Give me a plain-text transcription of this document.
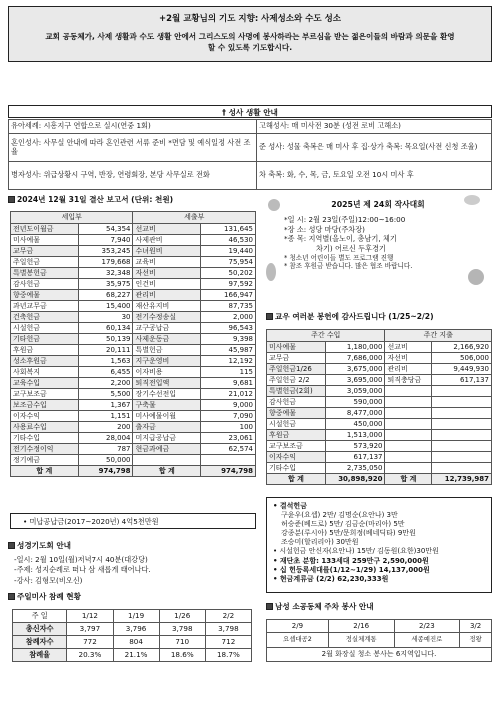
+2월 교황님의 기도 지향: 사제성소와 수도 성소
교회 공동체가, 사제 생활과 수도 생활 안에서 그리스도의 사명에 봉사하라는 부르심을 받는 젊은이들의 바람과 의문을 환영할 수 있도록 기도합시다.
† 성사 생활 안내
유아세례: 시흥지구 연합으로 실시(연중 1회)	고해성사: 매 미사전 30분 (성전 로비 고해소)
혼인성사: 사무실 안내에 따라 혼인관련 서류 준비 *면담 및 예식일정 사전 조율	준 성사: 성물 축복은 매 미사 후 집·상가 축복: 목요일(사전 신청 조율)
병자성사: 위급상황시 구역, 반장, 연령회장, 본당 사무실로 전화	차 축복: 화, 수, 목, 금, 토요일 오전 10시 미사 후
2024년 12월 31일 결산 보고서 (단위: 천원)
세입부		세출부	
전년도이월금	54,354	선교비	131,645
미사예물	7,940	사제관비	46,530
교무금	353,245	수녀원비	19,440
주일헌금	179,668	교육비	75,954
특별봉헌금	32,348	자선비	50,202
감사헌금	35,975	인건비	97,592
향중예물	68,227	관리비	166,947
과년교무금	15,400	재산유지비	87,735
건축헌금	30	전기수정송실	2,000
시설헌금	60,134	교구공납금	96,543
기타헌금	50,139	사제운동금	9,398
후원금	20,111	특별헌금	45,987
성소후원금	1,563	지구운영비	12,192
사회복지	6,455	이자비용	115
교육수입	2,200	퇴직전입액	9,681
교구보조금	5,500	장기수선전입	21,012
보조금수입	1,367	구축물	9,000
이자수익	1,151	미사예물이월	7,090
사용료수입	200	출자금	100
기타수입	28,004	미지급공납금	23,061
전기수정이익	787	현금과예금	62,574
정기예금	50,000		
합 계	974,798	합 계	974,798
• 미납공납금(2017~2020년) 4억5천만원
성경기도회 안내
-일시: 2월 10일(월)저녁7시 40분(대강당)
-주제: 성지순례로 떠나 삼 새롭게 태어나다.
-강사: 김형모(비오신)
주일미사 참례 현황
주 일	1/12	1/19	1/26	2/2
총신자수	3,797	3,796	3,798	3,798
참례자수	772	804	710	712
참례율	20.3%	21.1%	18.6%	18.7%
2025년 제 24회 작사대회
*일 시: 2월 23일(주일)12:00~16:00
*장 소: 성당 마당(주차장)
*종 목: 지역별(을노이, 총남기, 체기
차기) 어르신 두후경기
* 청소년 어린이들 별도 프로그램 진행
* 참조 후원금 받습니다. 많은 협조 바랍니다.
교우 여러분 봉헌에 감사드립니다 (1/25~2/2)
주간 수입		주간 지출	
미사예물	1,180,000	선교비	2,166,920
교무금	7,686,000	자선비	506,000
주일헌금1/26	3,675,000	관리비	9,449,930
주일헌금 2/2	3,695,000	퇴직충당금	617,137
특별헌금(2회)	3,059,000		
감사헌금	590,000		
향중예물	8,477,000		
시설헌금	450,000		
후원금	1,513,000		
교구보조금	573,920		
이자수익	617,137		
기타수입	2,735,050		
합 계	30,898,920	합 계	12,739,987
• 결석헌금
구윤우(요셉) 2만/ 김명순(요안나) 3만
허승준(베드로) 5만/ 김금순(마리아) 5만
강종분(루시아) 5만/문희정(베네딕타) 9만원
조승미(할리리아) 30만원
• 시설헌금 안신자(요안나) 15만/ 김동원(요한)30만원
• 재단초 분함: 133세대 259만구 2,590,000원
• 십 헌등록세대를(1/12~1/29) 14,137,000원
• 현금계류금 (2/2) 62,230,333원
남성 소공동체 주차 봉사 안내
2/9	2/16	2/23	3/2
요셉대공2	정실체계통	세종예진로	정왕
2월 화장실 청소 봉사는 6지역입니다.			
